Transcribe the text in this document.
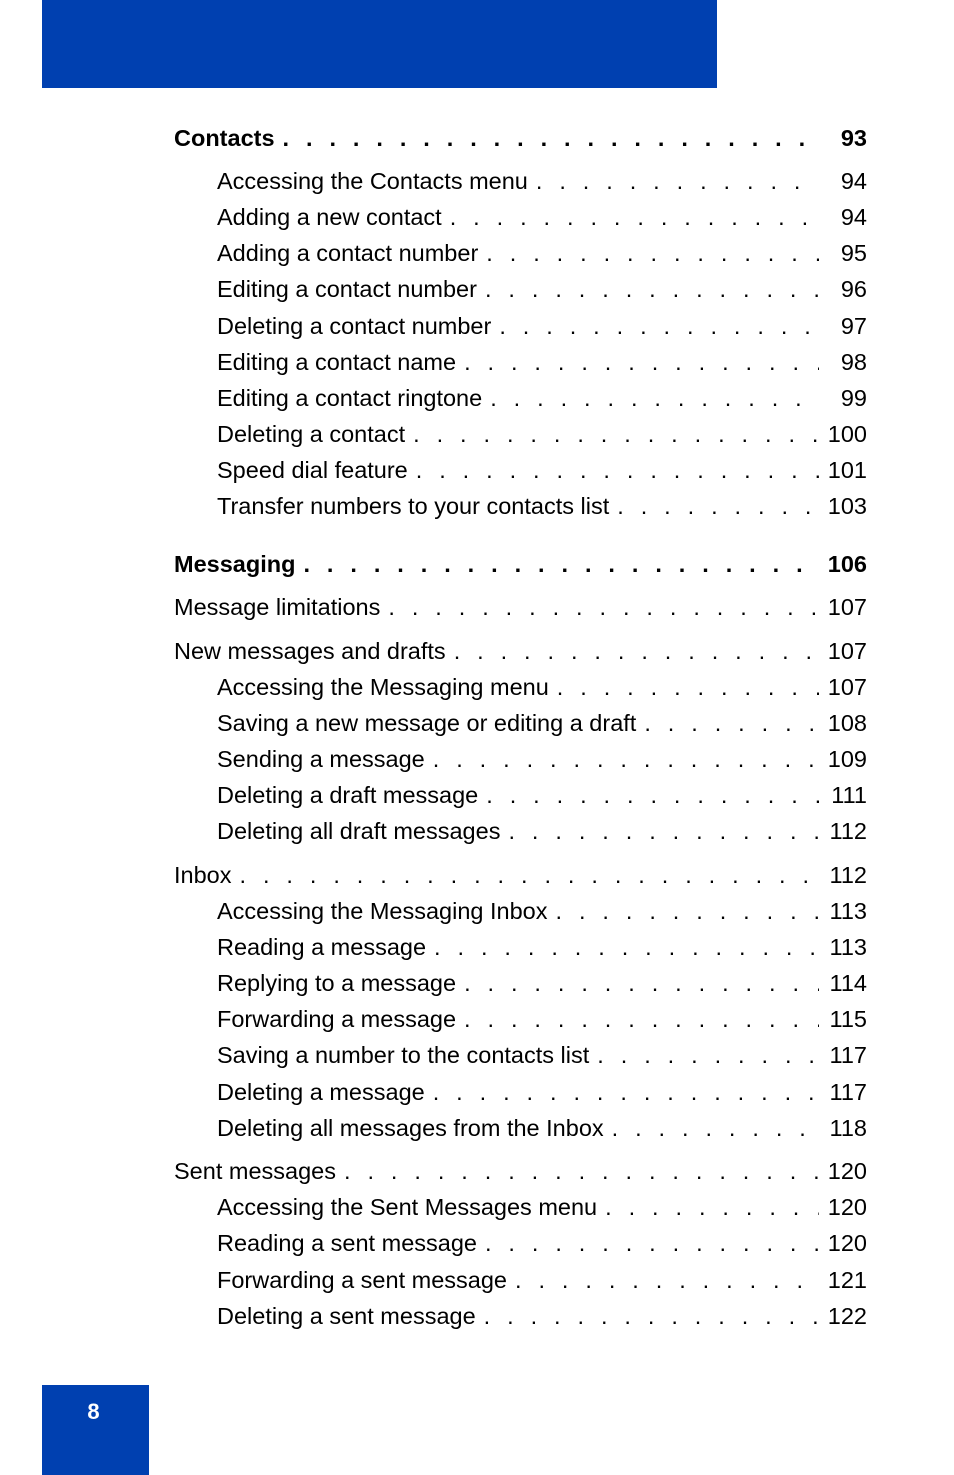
Contacts . . .	93
Accessing the Contacts menu . . .	94
Adding a new contact . . .	94
Adding a contact number . . .	95
Editing a contact number . . .	96
Deleting a contact number . . .	97
Editing a contact name . . .	98
Editing a contact ringtone . . .	99
Deleting a contact . . .	100
Speed dial feature . . .	101
Transfer numbers to your contacts list . . .	103
Messaging . . .	106
Message limitations . . .	107
New messages and drafts . . .	107
Accessing the Messaging menu . . .	107
Saving a new message or editing a draft . . .	108
Sending a message . . .	109
Deleting a draft message . . .	111
Deleting all draft messages . . .	112
Inbox . . .	112
Accessing the Messaging Inbox . . .	113
Reading a message . . .	113
Replying to a message . . .	114
Forwarding a message . . .	115
Saving a number to the contacts list . . .	117
Deleting a message . . .	117
Deleting all messages from the Inbox . . .	118
Sent messages . . .	120
Accessing the Sent Messages menu . . .	120
Reading a sent message . . .	120
Forwarding a sent message . . .	121
Deleting a sent message . . .	122
8
